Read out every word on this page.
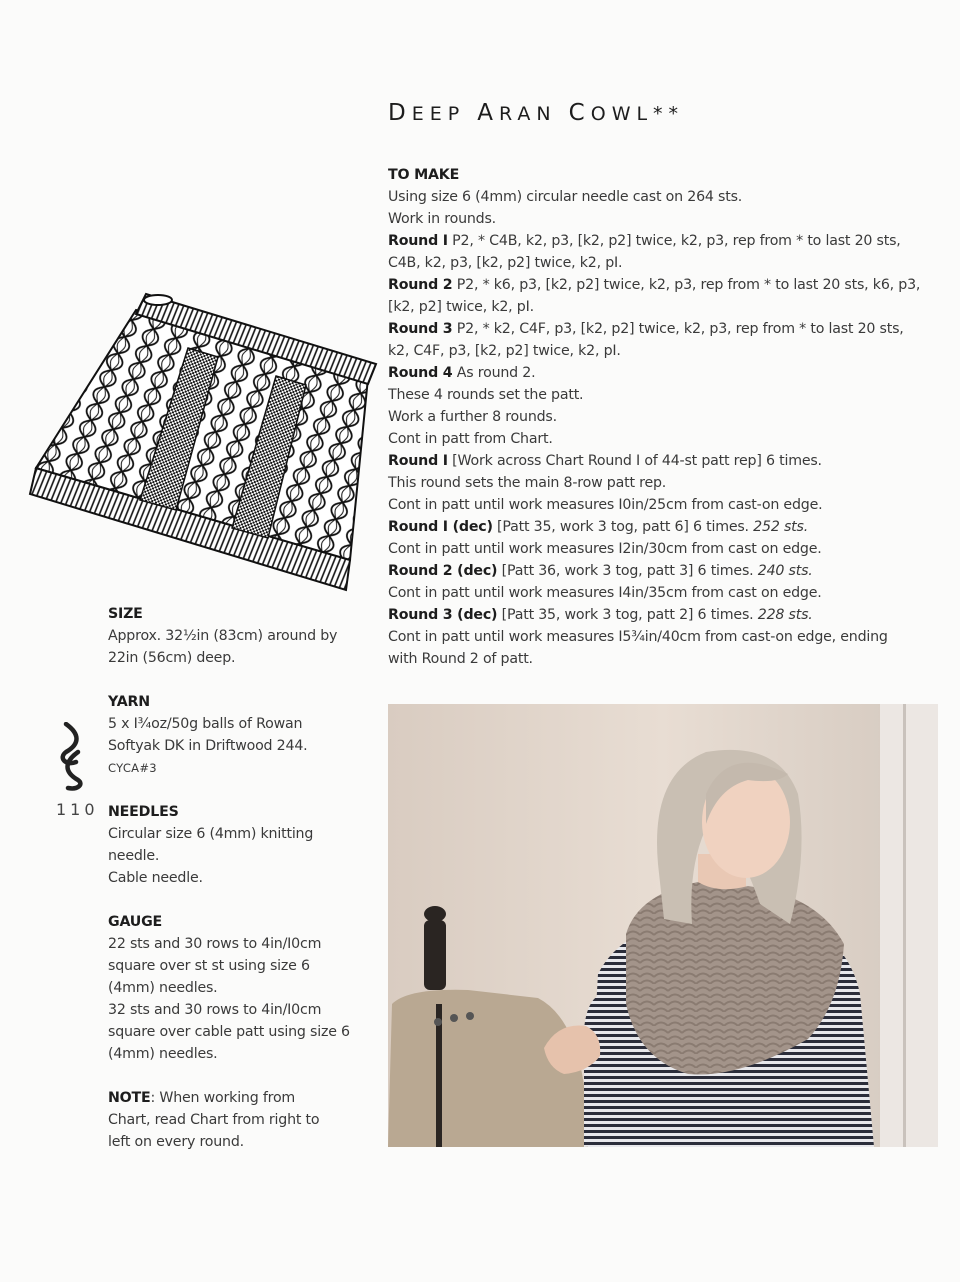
DEEP ARAN COWL**
TO MAKE
Using size 6 (4mm) circular needle cast on 264 sts.
Work in rounds.
Round I P2, * C4B, k2, p3, [k2, p2] twice, k2, p3, rep from * to last 20 sts,
C4B, k2, p3, [k2, p2] twice, k2, pI.
Round 2 P2, * k6, p3, [k2, p2] twice, k2, p3, rep from * to last 20 sts, k6, p3,
[k2, p2] twice, k2, pI.
Round 3 P2, * k2, C4F, p3, [k2, p2] twice, k2, p3, rep from * to last 20 sts,
k2, C4F, p3, [k2, p2] twice, k2, pI.
Round 4 As round 2.
These 4 rounds set the patt.
Work a further 8 rounds.
Cont in patt from Chart.
Round I [Work across Chart Round I of 44-st patt rep] 6 times.
This round sets the main 8-row patt rep.
Cont in patt until work measures I0in/25cm from cast-on edge.
Round I (dec) [Patt 35, work 3 tog, patt 6] 6 times. 252 sts.
Cont in patt until work measures I2in/30cm from cast on edge.
Round 2 (dec) [Patt 36, work 3 tog, patt 3] 6 times. 240 sts.
Cont in patt until work measures I4in/35cm from cast on edge.
Round 3 (dec) [Patt 35, work 3 tog, patt 2] 6 times. 228 sts.
Cont in patt until work measures I5¾in/40cm from cast-on edge, ending
with Round 2 of patt.
SIZE
Approx. 32½in (83cm) around by
22in (56cm) deep.
YARN
5 x I¾oz/50g balls of Rowan
Softyak DK in Driftwood 244.
CYCA#3
NEEDLES
Circular size 6 (4mm) knitting
needle.
Cable needle.
GAUGE
22 sts and 30 rows to 4in/I0cm
square over st st using size 6
(4mm) needles.
32 sts and 30 rows to 4in/I0cm
square over cable patt using size 6
(4mm) needles.
NOTE: When working from
Chart, read Chart from right to
left on every round.
110
